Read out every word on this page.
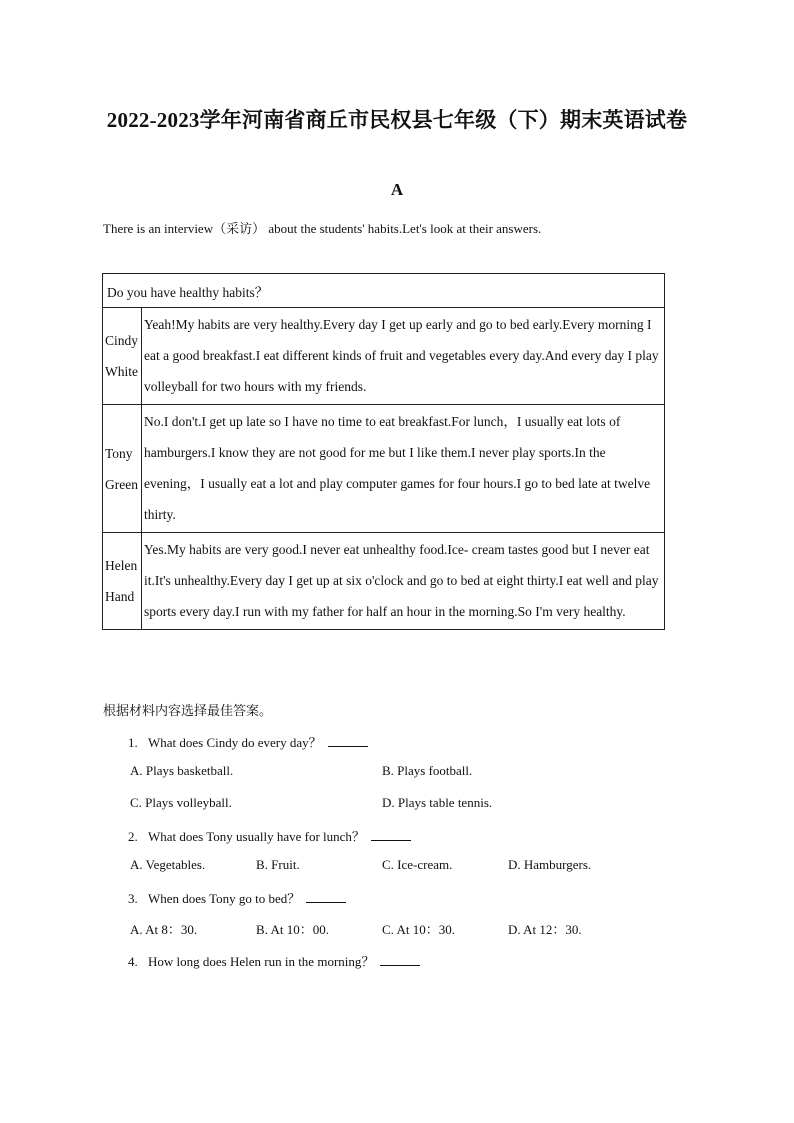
2022-2023学年河南省商丘市民权县七年级（下）期末英语试卷
A
There is an interview（采访） about the students' habits.Let's look at their answers.
Do you have healthy habits？	
Cindy White	Yeah!My habits are very healthy.Every day I get up early and go to bed early.Every morning I eat a good breakfast.I eat different kinds of fruit and vegetables every day.And every day I play volleyball for two hours with my friends.
Tony Green	No.I don't.I get up late so I have no time to eat breakfast.For lunch，I usually eat lots of hamburgers.I know they are not good for me but I like them.I never play sports.In the evening，I usually eat a lot and play computer games for four hours.I go to bed late at twelve thirty.
Helen Hand	Yes.My habits are very good.I never eat unhealthy food.Ice- cream tastes good but I never eat it.It's unhealthy.Every day I get up at six o'clock and go to bed at eight thirty.I eat well and play sports every day.I run with my father for half an hour in the morning.So I'm very healthy.
根据材料内容选择最佳答案。
1. What does Cindy do every day？
A. Plays basketball.	B. Plays football.
C. Plays volleyball.	D. Plays table tennis.
2. What does Tony usually have for lunch？
A. Vegetables.	B. Fruit.	C. Ice-cream.	D. Hamburgers.
3. When does Tony go to bed？
A. At 8：30.	B. At 10：00.	C. At 10：30.	D. At 12：30.
4. How long does Helen run in the morning？
